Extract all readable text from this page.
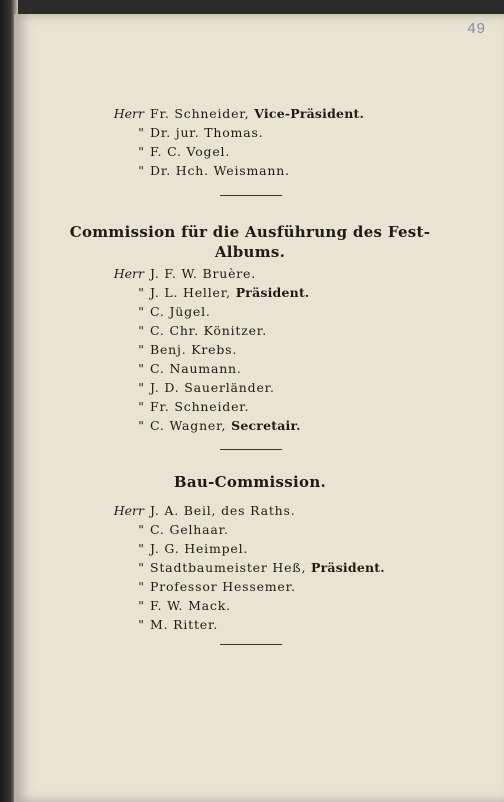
49
Herr Fr. Schneider, Vice-Präsident.
" Dr. jur. Thomas.
" F. C. Vogel.
" Dr. Hch. Weismann.
Commission für die Ausführung des Fest-
Albums.
Herr J. F. W. Bruère.
" J. L. Heller, Präsident.
" C. Jügel.
" C. Chr. Könitzer.
" Benj. Krebs.
" C. Naumann.
" J. D. Sauerländer.
" Fr. Schneider.
" C. Wagner, Secretair.
Bau-Commission.
Herr J. A. Beil, des Raths.
" C. Gelhaar.
" J. G. Heimpel.
" Stadtbaumeister Heß, Präsident.
" Professor Hessemer.
" F. W. Mack.
" M. Ritter.
